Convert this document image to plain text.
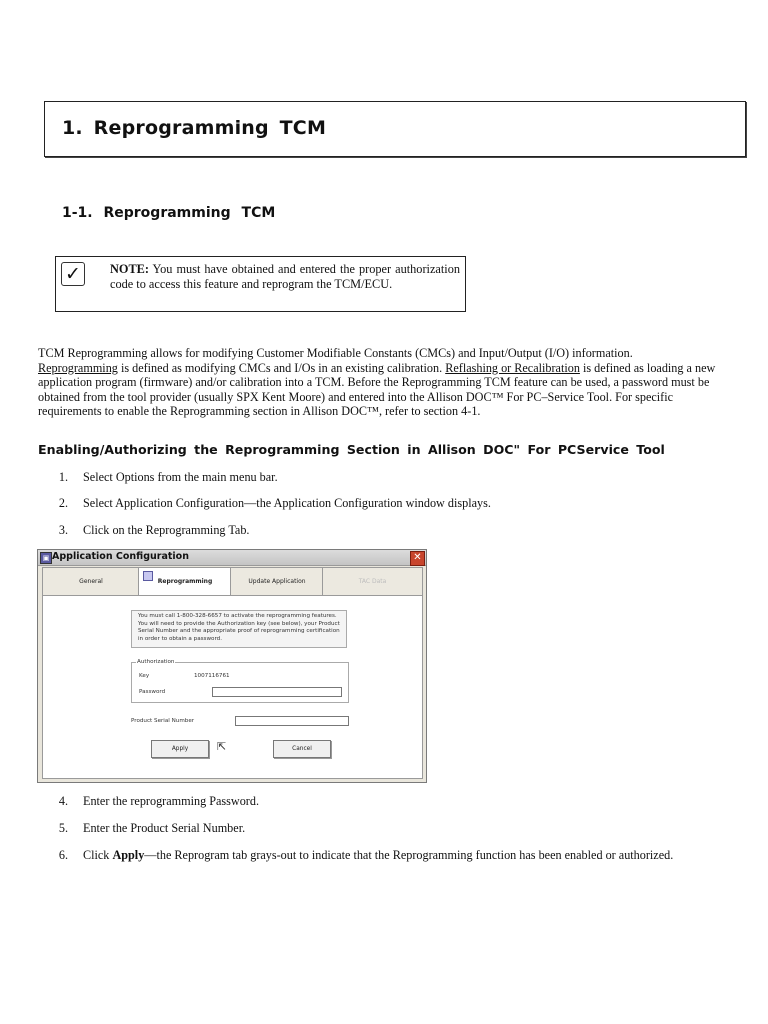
1. Reprogramming TCM
1-1. Reprogramming TCM
✓	NOTE: You must have obtained and entered the proper authorization code to access this feature and reprogram the TCM/ECU.
TCM Reprogramming allows for modifying Customer Modifiable Constants (CMCs) and Input/Output (I/O) information.
Reprogramming is defined as modifying CMCs and I/Os in an existing calibration. Reflashing or Recalibration is defined as loading a new application program (firmware) and/or calibration into a TCM. Before the Reprogramming TCM feature can be used, a password must be obtained from the tool provider (usually SPX Kent Moore) and entered into the Allison DOC™ For PC–Service Tool. For specific requirements to enable the Reprogramming section in Allison DOC™, refer to section 4-1.
Enabling/Authorizing the Reprogramming Section in Allison DOC" For PCService Tool
1. Select Options from the main menu bar.
2. Select Application Configuration—the Application Configuration window displays.
3. Click on the Reprogramming Tab.
▣ Application Configuration	✕
General	Reprogramming	Update Application	TAC Data
You must call 1-800-328-6657 to activate the reprogramming features. You will need to provide the Authorization key (see below), your Product Serial Number and the appropriate proof of reprogramming certification in order to obtain a password.
Authorization
Key	1007116761
Password
Product Serial Number
Apply	Cancel
⇱
4. Enter the reprogramming Password.
5. Enter the Product Serial Number.
6. Click Apply—the Reprogram tab grays-out to indicate that the Reprogramming function has been enabled or authorized.
